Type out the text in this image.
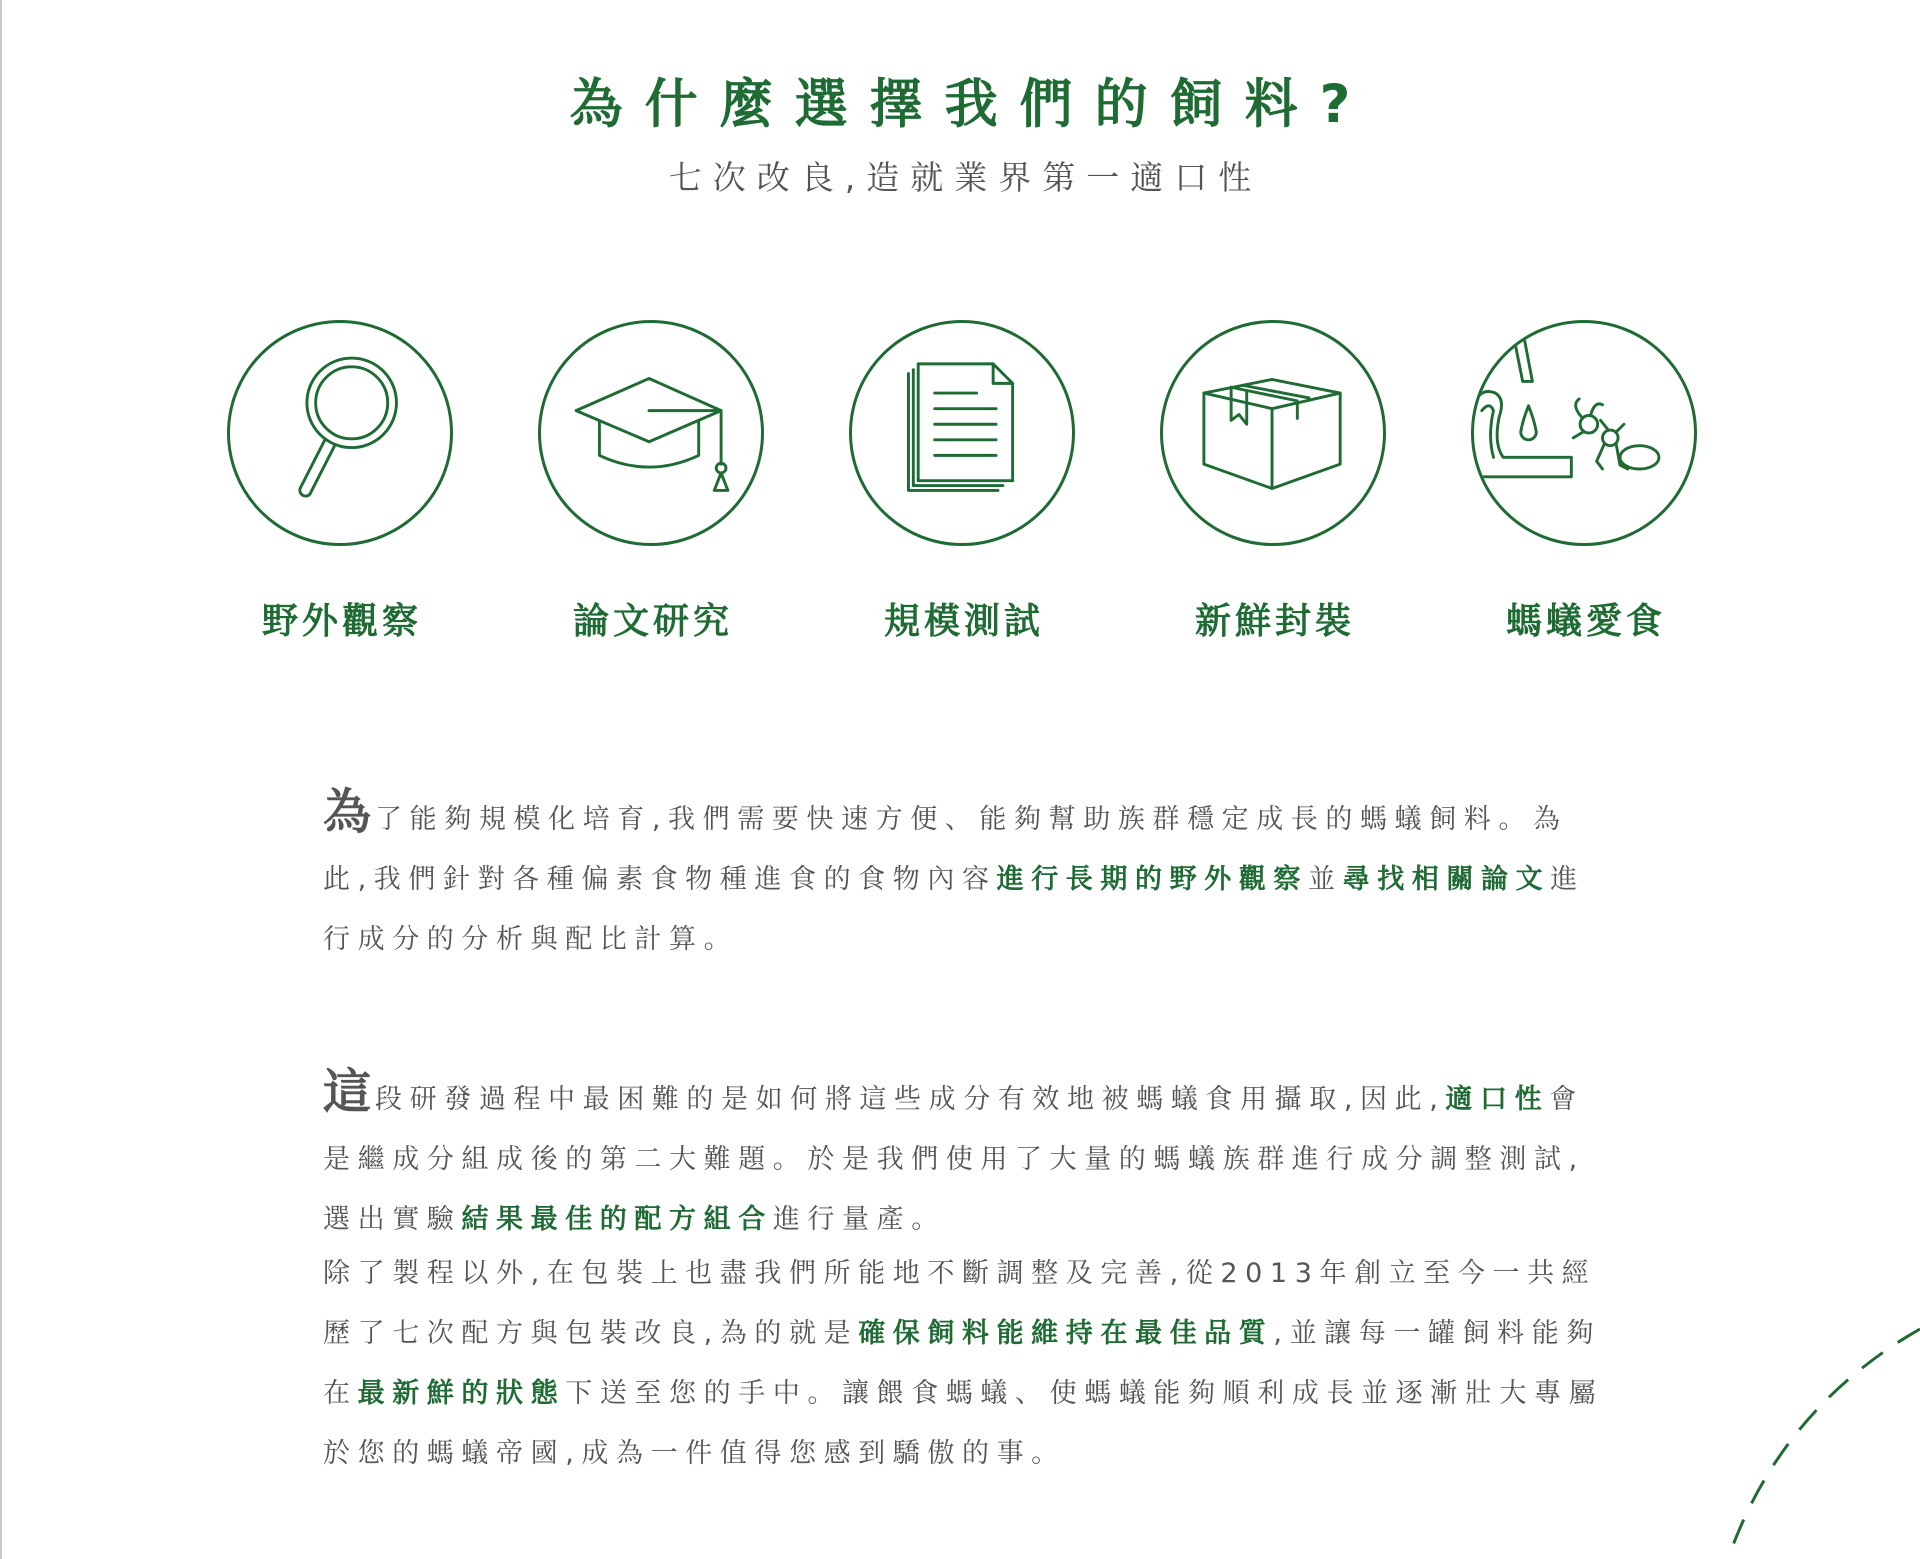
為什麼選擇我們的飼料?
七次改良,造就業界第一適口性
野外觀察	論文研究	規模測試	新鮮封裝	螞蟻愛食

為了能夠規模化培育,我們需要快速方便、能夠幫助族群穩定成長的螞蟻飼料。為此,我們針對各種偏素食物種進食的食物內容進行長期的野外觀察並尋找相關論文進行成分的分析與配比計算。

這段研發過程中最困難的是如何將這些成分有效地被螞蟻食用攝取,因此,適口性會是繼成分組成後的第二大難題。於是我們使用了大量的螞蟻族群進行成分調整測試,選出實驗結果最佳的配方組合進行量產。

除了製程以外,在包裝上也盡我們所能地不斷調整及完善,從2013年創立至今一共經歷了七次配方與包裝改良,為的就是確保飼料能維持在最佳品質,並讓每一罐飼料能夠在最新鮮的狀態下送至您的手中。讓餵食螞蟻、使螞蟻能夠順利成長並逐漸壯大專屬於您的螞蟻帝國,成為一件值得您感到驕傲的事。
